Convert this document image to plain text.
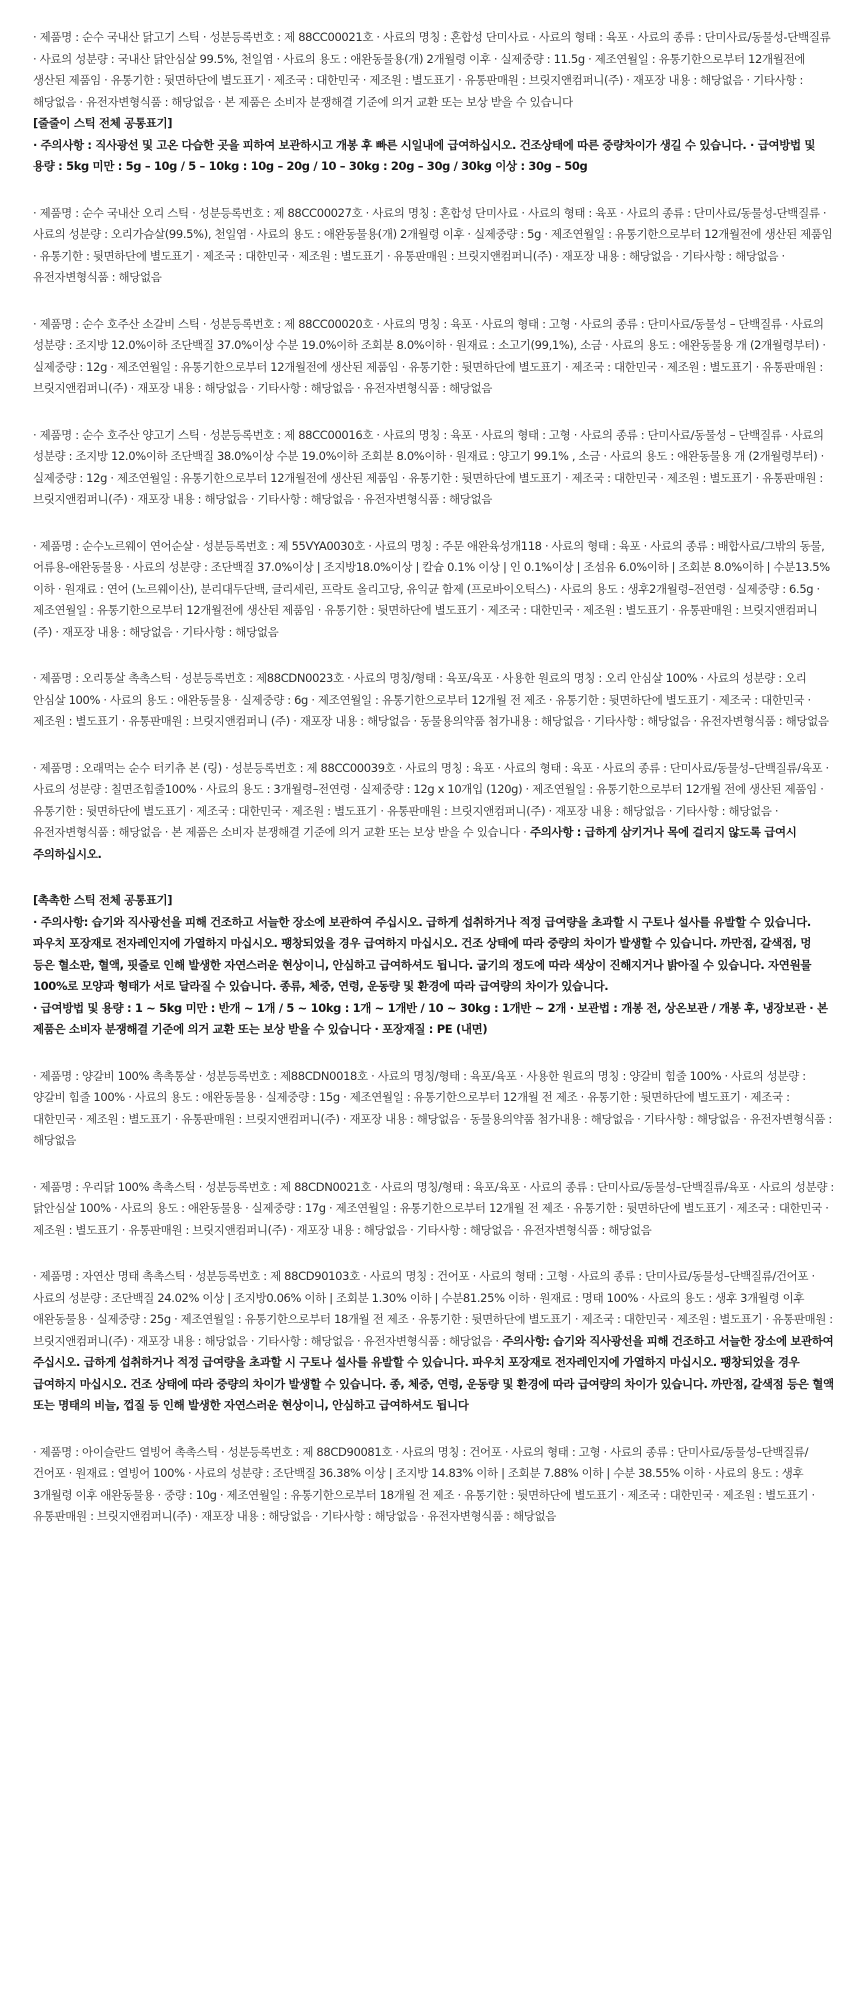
· 제품명 : 순수 국내산 닭고기 스틱 · 성분등록번호 : 제 88CC00021호 · 사료의 명칭 : 혼합성 단미사료 · 사료의 형태 : 육포 · 사료의 종류 : 단미사료/동물성-단백질류 · 사료의 성분량 : 국내산 닭안심살 99.5%, 천일염 · 사료의 용도 : 애완동물용(개) 2개월령 이후 · 실제중량 : 11.5g · 제조연월일 : 유통기한으로부터 12개월전에 생산된 제품임 · 유통기한 : 뒷면하단에 별도표기 · 제조국 : 대한민국 · 제조원 : 별도표기 · 유통판매원 : 브릿지앤컴퍼니(주) · 재포장 내용 : 해당없음 · 기타사항 : 해당없음 · 유전자변형식품 : 해당없음 · 본 제품은 소비자 분쟁해결 기준에 의거 교환 또는 보상 받을 수 있습니다

[줄줄이 스틱 전체 공통표기]

· 주의사항 : 직사광선 및 고온 다습한 곳을 피하여 보관하시고 개봉 후 빠른 시일내에 급여하십시오. 건조상태에 따른 중량차이가 생길 수 있습니다. · 급여방법 및 용량 : 5kg 미만 : 5g – 10g / 5 – 10kg : 10g – 20g / 10 – 30kg : 20g – 30g / 30kg 이상 : 30g – 50g

· 제품명 : 순수 국내산 오리 스틱 · 성분등록번호 : 제 88CC00027호 · 사료의 명칭 : 혼합성 단미사료 · 사료의 형태 : 육포 · 사료의 종류 : 단미사료/동물성-단백질류 · 사료의 성분량 : 오리가슴살(99.5%), 천일염 · 사료의 용도 : 애완동물용(개) 2개월령 이후 · 실제중량 : 5g · 제조연월일 : 유통기한으로부터 12개월전에 생산된 제품임 · 유통기한 : 뒷면하단에 별도표기 · 제조국 : 대한민국 · 제조원 : 별도표기 · 유통판매원 : 브릿지앤컴퍼니(주) · 재포장 내용 : 해당없음 · 기타사항 : 해당없음 · 유전자변형식품 : 해당없음

· 제품명 : 순수 호주산 소갈비 스틱 · 성분등록번호 : 제 88CC00020호 · 사료의 명칭 : 육포 · 사료의 형태 : 고형 · 사료의 종류 : 단미사료/동물성 – 단백질류 · 사료의 성분량 : 조지방 12.0%이하 조단백질 37.0%이상 수분 19.0%이하 조회분 8.0%이하 · 원재료 : 소고기(99,1%), 소금 · 사료의 용도 : 애완동물용 개 (2개월령부터) · 실제중량 : 12g · 제조연월일 : 유통기한으로부터 12개월전에 생산된 제품임 · 유통기한 : 뒷면하단에 별도표기 · 제조국 : 대한민국 · 제조원 : 별도표기 · 유통판매원 : 브릿지앤컴퍼니(주) · 재포장 내용 : 해당없음 · 기타사항 : 해당없음 · 유전자변형식품 : 해당없음

· 제품명 : 순수 호주산 양고기 스틱 · 성분등록번호 : 제 88CC00016호 · 사료의 명칭 : 육포 · 사료의 형태 : 고형 · 사료의 종류 : 단미사료/동물성 – 단백질류 · 사료의 성분량 : 조지방 12.0%이하 조단백질 38.0%이상 수분 19.0%이하 조회분 8.0%이하 · 원재료 : 양고기 99.1% , 소금 · 사료의 용도 : 애완동물용 개 (2개월령부터) · 실제중량 : 12g · 제조연월일 : 유통기한으로부터 12개월전에 생산된 제품임 · 유통기한 : 뒷면하단에 별도표기 · 제조국 : 대한민국 · 제조원 : 별도표기 · 유통판매원 : 브릿지앤컴퍼니(주) · 재포장 내용 : 해당없음 · 기타사항 : 해당없음 · 유전자변형식품 : 해당없음

· 제품명 : 순수노르웨이 연어순살 · 성분등록번호 : 제 55VYA0030호 · 사료의 명칭 : 주문 애완육성개118 · 사료의 형태 : 육포 · 사료의 종류 : 배합사료/그밖의 동물,어류용-애완동물용 · 사료의 성분량 : 조단백질 37.0%이상 | 조지방18.0%이상 | 칼슘 0.1% 이상 | 인 0.1%이상 | 조섬유 6.0%이하 | 조회분 8.0%이하 | 수분13.5%이하 · 원재료 : 연어 (노르웨이산), 분리대두단백, 글리세린, 프락토 올리고당, 유익균 함제 (프로바이오틱스) · 사료의 용도 : 생후2개월령–전연령 · 실제중량 : 6.5g · 제조연월일 : 유통기한으로부터 12개월전에 생산된 제품임 · 유통기한 : 뒷면하단에 별도표기 · 제조국 : 대한민국 · 제조원 : 별도표기 · 유통판매원 : 브릿지앤컴퍼니(주) · 재포장 내용 : 해당없음 · 기타사항 : 해당없음

· 제품명 : 오리통살 촉촉스틱 · 성분등록번호 : 제88CDN0023호 · 사료의 명칭/형태 : 육포/육포 · 사용한 원료의 명칭 : 오리 안심살 100% · 사료의 성분량 : 오리 안심살 100% · 사료의 용도 : 애완동물용 · 실제중량 : 6g · 제조연월일 : 유통기한으로부터 12개월 전 제조 · 유통기한 : 뒷면하단에 별도표기 · 제조국 : 대한민국 · 제조원 : 별도표기 · 유통판매원 : 브릿지앤컴퍼니 (주) · 재포장 내용 : 해당없음 · 동물용의약품 첨가내용 : 해당없음 · 기타사항 : 해당없음 · 유전자변형식품 : 해당없음

· 제품명 : 오래먹는 순수 터키츄 본 (링) · 성분등록번호 : 제 88CC00039호 · 사료의 명칭 : 육포 · 사료의 형태 : 육포 · 사료의 종류 : 단미사료/동물성–단백질류/육포 · 사료의 성분량 : 칠면조힘줄100% · 사료의 용도 : 3개월령–전연령 · 실제중량 : 12g x 10개입 (120g) · 제조연월일 : 유통기한으로부터 12개월 전에 생산된 제품임 · 유통기한 : 뒷면하단에 별도표기 · 제조국 : 대한민국 · 제조원 : 별도표기 · 유통판매원 : 브릿지앤컴퍼니(주) · 재포장 내용 : 해당없음 · 기타사항 : 해당없음 · 유전자변형식품 : 해당없음 · 본 제품은 소비자 분쟁해결 기준에 의거 교환 또는 보상 받을 수 있습니다 · 주의사항 : 급하게 삼키거나 목에 걸리지 않도록 급여시 주의하십시오.

[촉촉한 스틱 전체 공통표기]

· 주의사항: 습기와 직사광선을 피해 건조하고 서늘한 장소에 보관하여 주십시오. 급하게 섭취하거나 적정 급여량을 초과할 시 구토나 설사를 유발할 수 있습니다. 파우치 포장재로 전자레인지에 가열하지 마십시오. 팽창되었을 경우 급여하지 마십시오. 건조 상태에 따라 중량의 차이가 발생할 수 있습니다. 까만점, 갈색점, 멍 등은 혈소판, 혈액, 핏줄로 인해 발생한 자연스러운 현상이니, 안심하고 급여하셔도 됩니다. 굽기의 정도에 따라 색상이 진해지거나 밝아질 수 있습니다. 자연원물 100%로 모양과 형태가 서로 달라질 수 있습니다. 종류, 체중, 연령, 운동량 및 환경에 따라 급여량의 차이가 있습니다.

· 급여방법 및 용량 : 1 ~ 5kg 미만 : 반개 ~ 1개 / 5 ~ 10kg : 1개 ~ 1개반 / 10 ~ 30kg : 1개반 ~ 2개 · 보관법 : 개봉 전, 상온보관 / 개봉 후, 냉장보관 · 본 제품은 소비자 분쟁해결 기준에 의거 교환 또는 보상 받을 수 있습니다 · 포장재질 : PE (내면)

· 제품명 : 양갈비 100% 촉촉통살 · 성분등록번호 : 제88CDN0018호 · 사료의 명칭/형태 : 육포/육포 · 사용한 원료의 명칭 : 양갈비 힘줄 100% · 사료의 성분량 : 양갈비 힘줄 100% · 사료의 용도 : 애완동물용 · 실제중량 : 15g · 제조연월일 : 유통기한으로부터 12개월 전 제조 · 유통기한 : 뒷면하단에 별도표기 · 제조국 : 대한민국 · 제조원 : 별도표기 · 유통판매원 : 브릿지앤컴퍼니(주) · 재포장 내용 : 해당없음 · 동물용의약품 첨가내용 : 해당없음 · 기타사항 : 해당없음 · 유전자변형식품 : 해당없음

· 제품명 : 우리닭 100% 촉촉스틱 · 성분등록번호 : 제 88CDN0021호 · 사료의 명칭/형태 : 육포/육포 · 사료의 종류 : 단미사료/동물성–단백질류/육포 · 사료의 성분량 : 닭안심살 100% · 사료의 용도 : 애완동물용 · 실제중량 : 17g · 제조연월일 : 유통기한으로부터 12개월 전 제조 · 유통기한 : 뒷면하단에 별도표기 · 제조국 : 대한민국 · 제조원 : 별도표기 · 유통판매원 : 브릿지앤컴퍼니(주) · 재포장 내용 : 해당없음 · 기타사항 : 해당없음 · 유전자변형식품 : 해당없음

· 제품명 : 자연산 명태 촉촉스틱 · 성분등록번호 : 제 88CD90103호 · 사료의 명칭 : 건어포 · 사료의 형태 : 고형 · 사료의 종류 : 단미사료/동물성–단백질류/건어포 · 사료의 성분량 : 조단백질 24.02% 이상 | 조지방0.06% 이하 | 조회분 1.30% 이하 | 수분81.25% 이하 · 원재료 : 명태 100% · 사료의 용도 : 생후 3개월령 이후 애완동물용 · 실제중량 : 25g · 제조연월일 : 유통기한으로부터 18개월 전 제조 · 유통기한 : 뒷면하단에 별도표기 · 제조국 : 대한민국 · 제조원 : 별도표기 · 유통판매원 : 브릿지앤컴퍼니(주) · 재포장 내용 : 해당없음 · 기타사항 : 해당없음 · 유전자변형식품 : 해당없음 · 주의사항: 습기와 직사광선을 피해 건조하고 서늘한 장소에 보관하여 주십시오. 급하게 섭취하거나 적정 급여량을 초과할 시 구토나 설사를 유발할 수 있습니다. 파우치 포장재로 전자레인지에 가열하지 마십시오. 팽창되었을 경우 급여하지 마십시오. 건조 상태에 따라 중량의 차이가 발생할 수 있습니다. 종, 체중, 연령, 운동량 및 환경에 따라 급여량의 차이가 있습니다. 까만점, 갈색점 등은 혈액 또는 명태의 비늘, 껍질 등 인해 발생한 자연스러운 현상이니, 안심하고 급여하셔도 됩니다

· 제품명 : 아이슬란드 열빙어 촉촉스틱 · 성분등록번호 : 제 88CD90081호 · 사료의 명칭 : 건어포 · 사료의 형태 : 고형 · 사료의 종류 : 단미사료/동물성–단백질류/건어포 · 원재료 : 열빙어 100% · 사료의 성분량 : 조단백질 36.38% 이상 | 조지방 14.83% 이하 | 조회분 7.88% 이하 | 수분 38.55% 이하 · 사료의 용도 : 생후 3개월령 이후 애완동물용 · 중량 : 10g · 제조연월일 : 유통기한으로부터 18개월 전 제조 · 유통기한 : 뒷면하단에 별도표기 · 제조국 : 대한민국 · 제조원 : 별도표기 · 유통판매원 : 브릿지앤컴퍼니(주) · 재포장 내용 : 해당없음 · 기타사항 : 해당없음 · 유전자변형식품 : 해당없음
